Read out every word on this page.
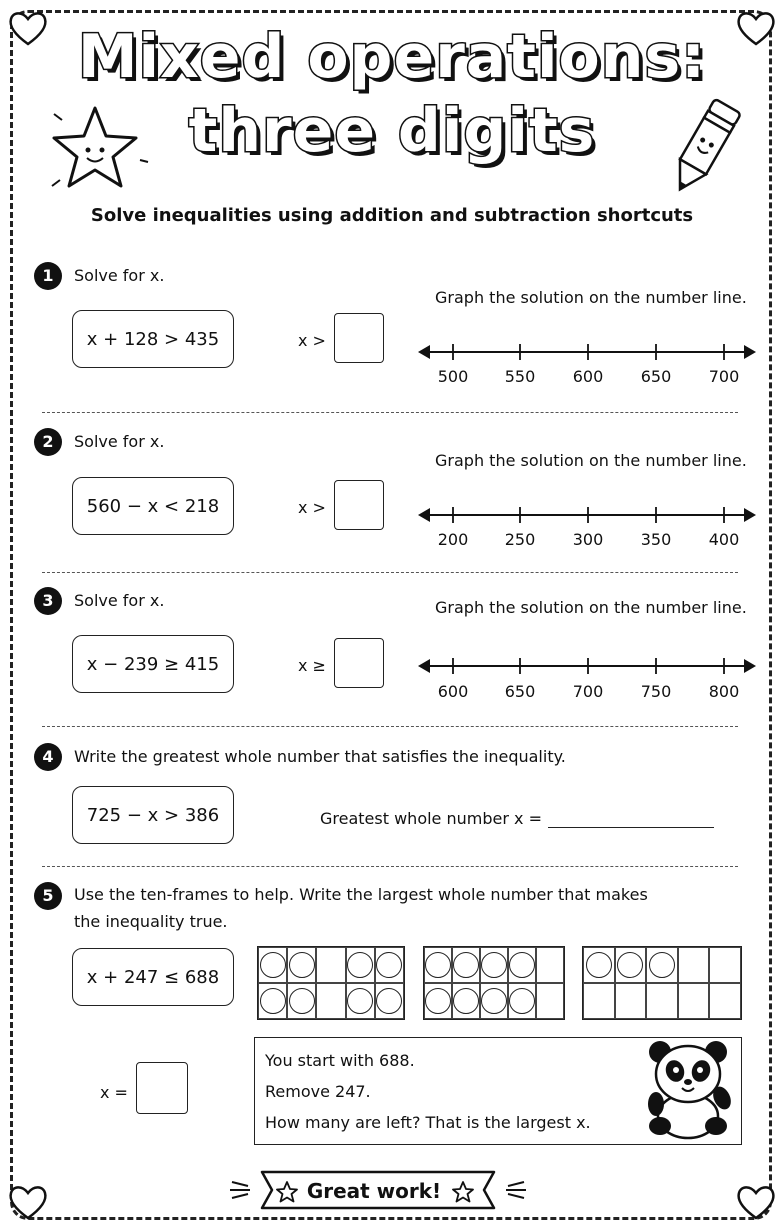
Mixed operations:
three digits
Solve inequalities using addition and subtraction shortcuts
1	Solve for x.
x + 128 > 435	x >
Graph the solution on the number line.
500	550	600	650	700
2	Solve for x.
560 − x < 218	x >
Graph the solution on the number line.
200	250	300	350	400
3	Solve for x.
x − 239 ≥ 415	x ≥
Graph the solution on the number line.
600	650	700	750	800
4	Write the greatest whole number that satisfies the inequality.
725 − x > 386	Greatest whole number x =
5	Use the ten-frames to help. Write the largest whole number that makes
the inequality true.
x + 247 ≤ 688
x =
You start with 688.
Remove 247.
How many are left? That is the largest x.
Great work!
